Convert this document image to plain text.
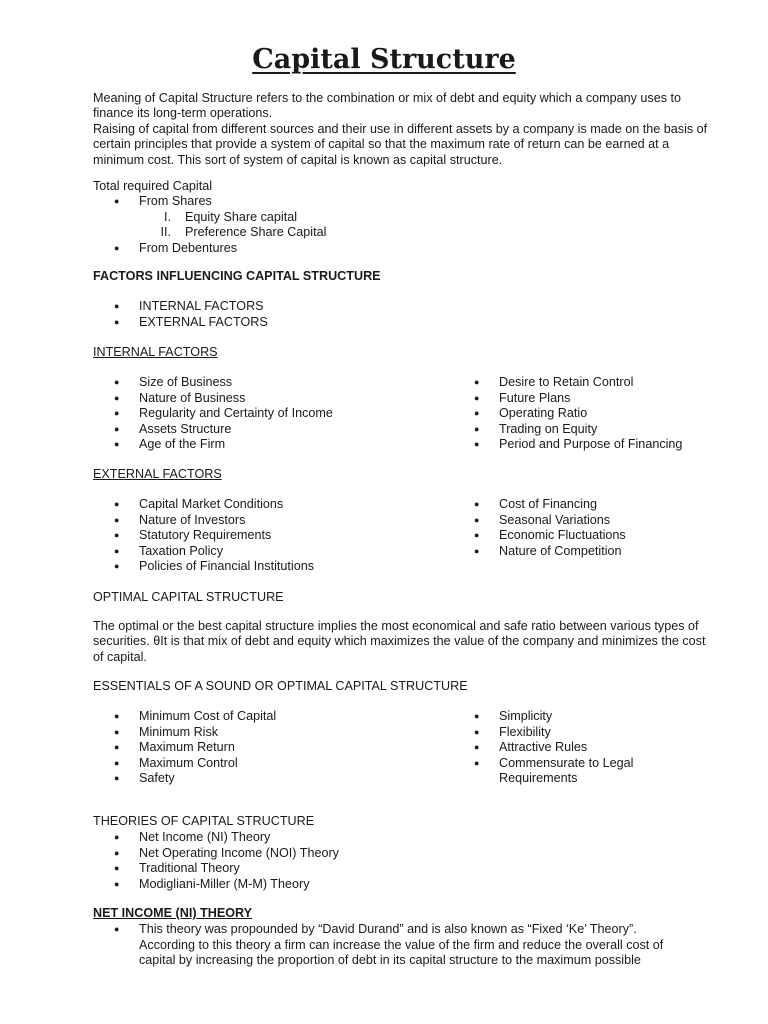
Capital Structure

Meaning of Capital Structure refers to the combination or mix of debt and equity which a company uses to finance its long-term operations.

Raising of capital from different sources and their use in different assets by a company is made on the basis of certain principles that provide a system of capital so that the maximum rate of return can be earned at a minimum cost. This sort of system of capital is known as capital structure.

Total required Capital
● From Shares
I. Equity Share capital
II. Preference Share Capital
● From Debentures
FACTORS INFLUENCING CAPITAL STRUCTURE
● INTERNAL FACTORS
● EXTERNAL FACTORS
INTERNAL FACTORS
● Size of Business
● Nature of Business
● Regularity and Certainty of Income
● Assets Structure
● Age of the Firm
● Desire to Retain Control
● Future Plans
● Operating Ratio
● Trading on Equity
● Period and Purpose of Financing
EXTERNAL FACTORS
● Capital Market Conditions
● Nature of Investors
● Statutory Requirements
● Taxation Policy
● Policies of Financial Institutions
● Cost of Financing
● Seasonal Variations
● Economic Fluctuations
● Nature of Competition
OPTIMAL CAPITAL STRUCTURE
The optimal or the best capital structure implies the most economical and safe ratio between various types of securities. θIt is that mix of debt and equity which maximizes the value of the company and minimizes the cost of capital.
ESSENTIALS OF A SOUND OR OPTIMAL CAPITAL STRUCTURE
● Minimum Cost of Capital
● Minimum Risk
● Maximum Return
● Maximum Control
● Safety
● Simplicity
● Flexibility
● Attractive Rules
● Commensurate to Legal
Requirements
THEORIES OF CAPITAL STRUCTURE
● Net Income (NI) Theory
● Net Operating Income (NOI) Theory
● Traditional Theory
● Modigliani-Miller (M-M) Theory
NET INCOME (NI) THEORY
● This theory was propounded by “David Durand” and is also known as “Fixed ‘Ke’ Theory”.
According to this theory a firm can increase the value of the firm and reduce the overall cost of
capital by increasing the proportion of debt in its capital structure to the maximum possible
